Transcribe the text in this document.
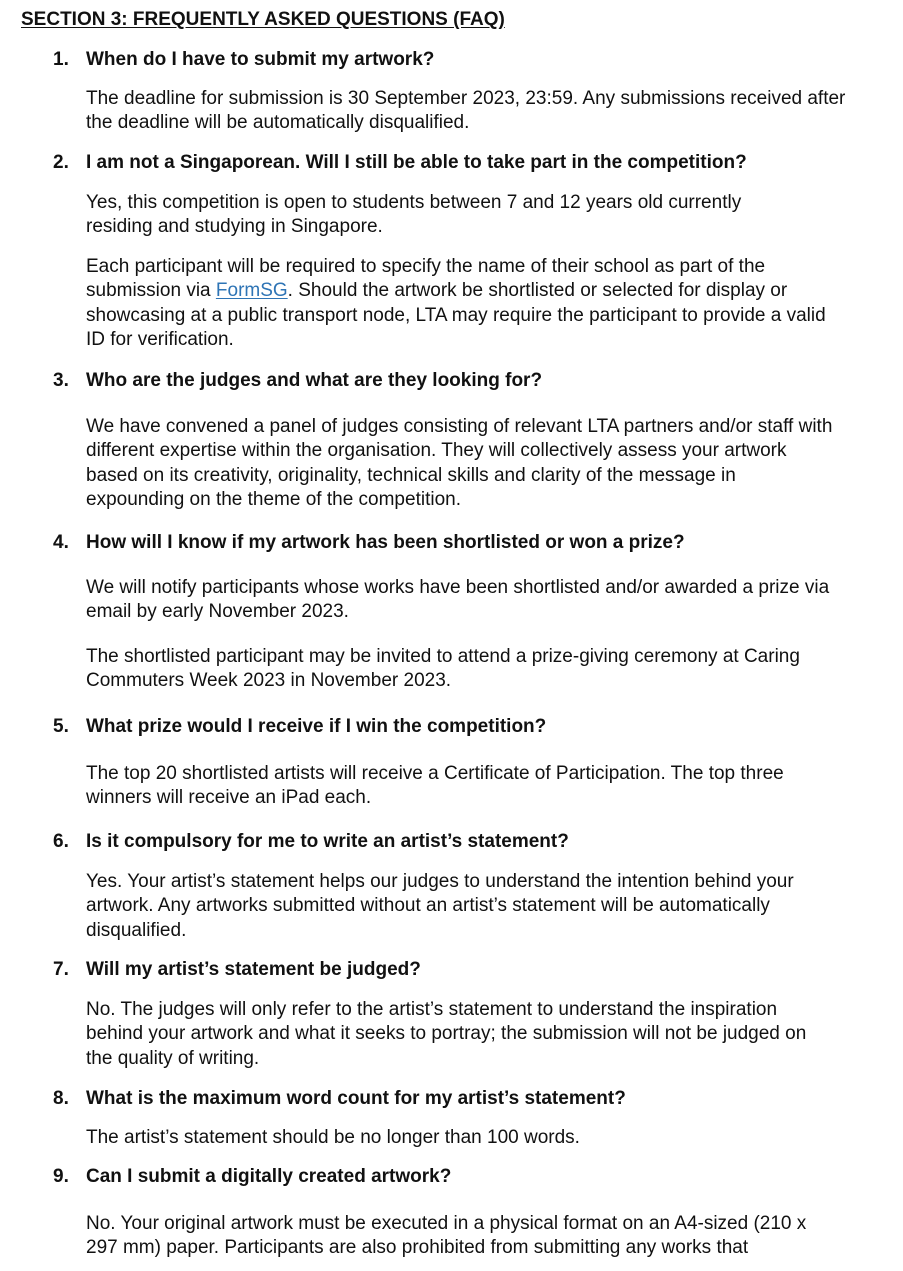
SECTION 3: FREQUENTLY ASKED QUESTIONS (FAQ)
1. When do I have to submit my artwork?

The deadline for submission is 30 September 2023, 23:59. Any submissions received after the deadline will be automatically disqualified.

2. I am not a Singaporean. Will I still be able to take part in the competition?

Yes, this competition is open to students between 7 and 12 years old currently residing and studying in Singapore.

Each participant will be required to specify the name of their school as part of the submission via FormSG. Should the artwork be shortlisted or selected for display or showcasing at a public transport node, LTA may require the participant to provide a valid ID for verification.

3. Who are the judges and what are they looking for?

We have convened a panel of judges consisting of relevant LTA partners and/or staff with different expertise within the organisation. They will collectively assess your artwork based on its creativity, originality, technical skills and clarity of the message in expounding on the theme of the competition.

4. How will I know if my artwork has been shortlisted or won a prize?

We will notify participants whose works have been shortlisted and/or awarded a prize via email by early November 2023.

The shortlisted participant may be invited to attend a prize-giving ceremony at Caring Commuters Week 2023 in November 2023.

5. What prize would I receive if I win the competition?

The top 20 shortlisted artists will receive a Certificate of Participation. The top three winners will receive an iPad each.

6. Is it compulsory for me to write an artist’s statement?

Yes. Your artist’s statement helps our judges to understand the intention behind your artwork. Any artworks submitted without an artist’s statement will be automatically disqualified.

7. Will my artist’s statement be judged?

No. The judges will only refer to the artist’s statement to understand the inspiration behind your artwork and what it seeks to portray; the submission will not be judged on the quality of writing.

8. What is the maximum word count for my artist’s statement?

The artist’s statement should be no longer than 100 words.

9. Can I submit a digitally created artwork?

No. Your original artwork must be executed in a physical format on an A4-sized (210 x 297 mm) paper. Participants are also prohibited from submitting any works that
